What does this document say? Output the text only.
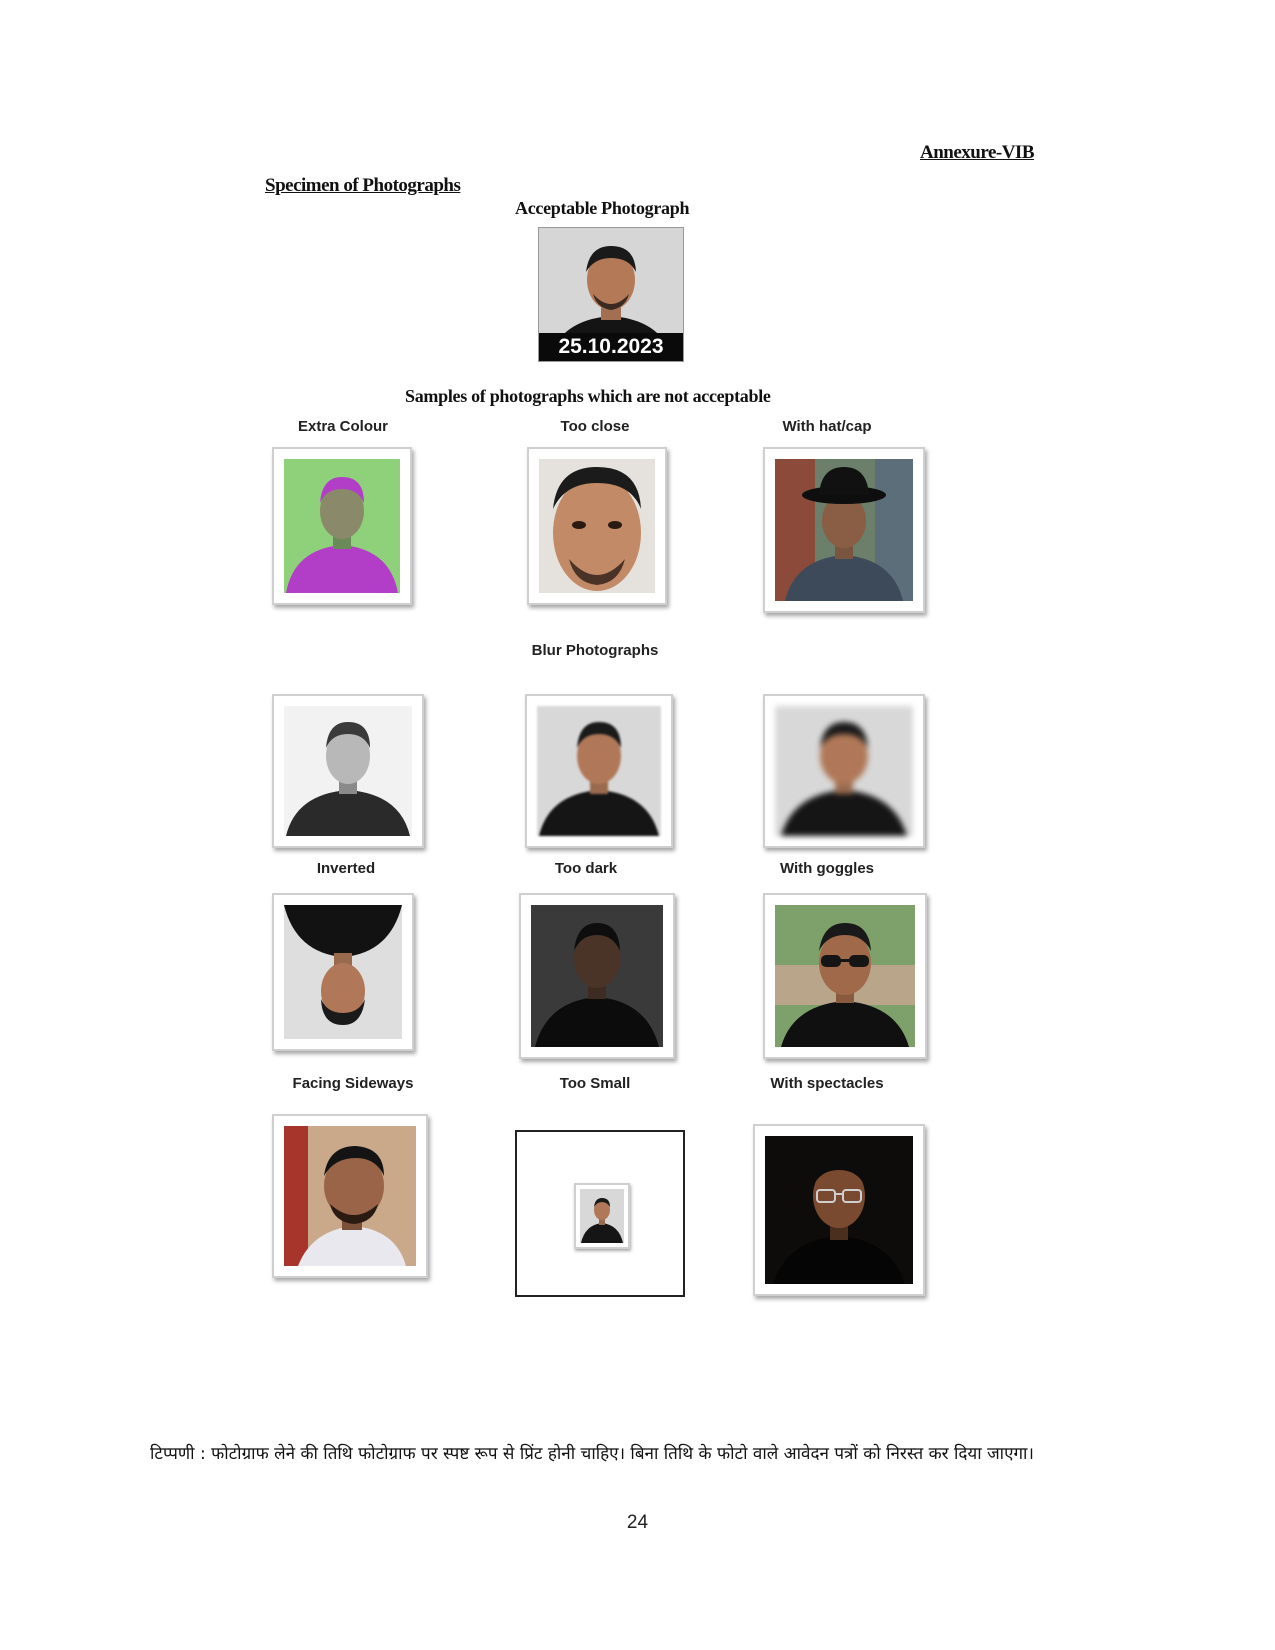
Annexure-VIB
Specimen of Photographs
Acceptable Photograph
25.10.2023
Samples of photographs which are not acceptable
Extra Colour	Too close	With hat/cap
Blur Photographs
Inverted	Too dark	With goggles
Facing Sideways	Too Small	With spectacles
टिप्पणी : फोटोग्राफ लेने की तिथि फोटोग्राफ पर स्पष्ट रूप से प्रिंट होनी चाहिए। बिना तिथि के फोटो वाले आवेदन पत्रों को निरस्त कर दिया जाएगा।
24
